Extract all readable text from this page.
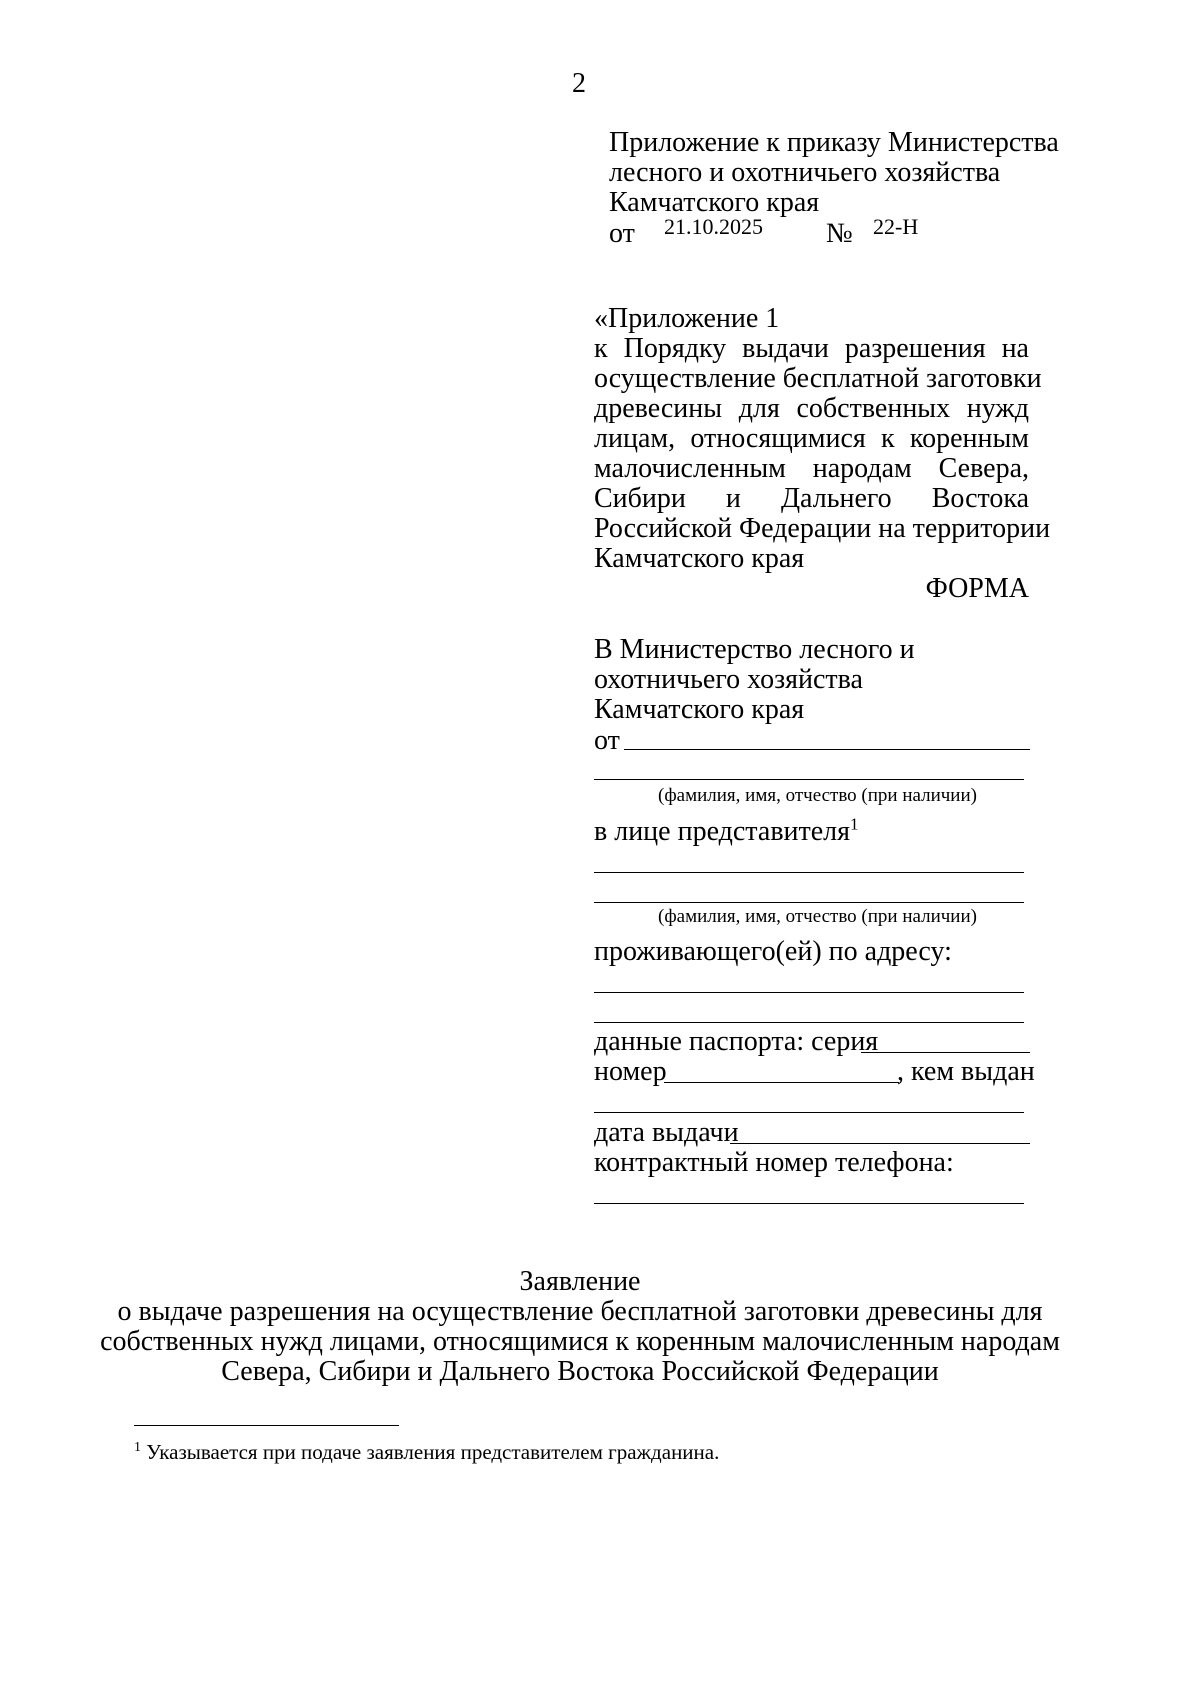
2
Приложение к приказу Министерства
лесного и охотничьего хозяйства
Камчатского края
от 21.10.2025 № 22-Н
«Приложение 1
к Порядку выдачи разрешения на
осуществление бесплатной заготовки
древесины для собственных нужд
лицам, относящимися к коренным
малочисленным народам Севера,
Сибири и Дальнего Востока
Российской Федерации на территории
Камчатского края
ФОРМА
В Министерство лесного и
охотничьего хозяйства
Камчатского края
от
(фамилия, имя, отчество (при наличии)
в лице представителя$^1$
(фамилия, имя, отчество (при наличии)
проживающего(ей) по адресу:
данные паспорта: серия
номер	, кем выдан
дата выдачи
контрактный номер телефона:
Заявление
о выдаче разрешения на осуществление бесплатной заготовки древесины для
собственных нужд лицами, относящимися к коренным малочисленным народам
Севера, Сибири и Дальнего Востока Российской Федерации
$^1$ Указывается при подаче заявления представителем гражданина.
